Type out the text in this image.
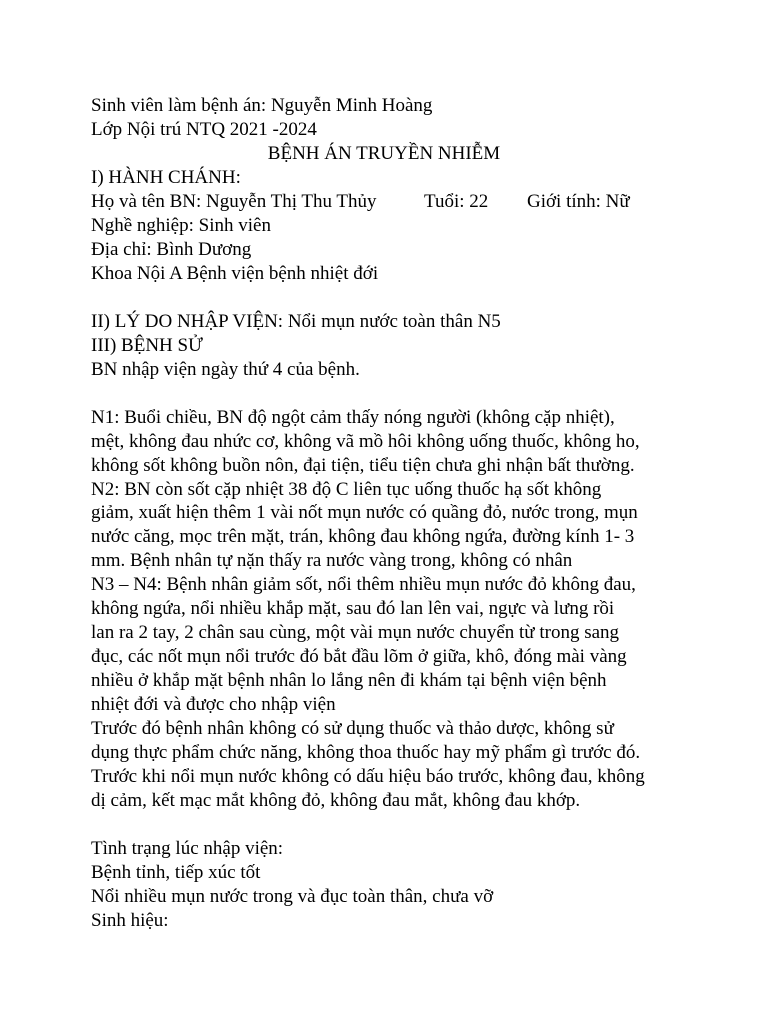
Sinh viên làm bệnh án: Nguyễn Minh Hoàng
Lớp Nội trú NTQ 2021 -2024
BỆNH ÁN TRUYỀN NHIỄM
I) HÀNH CHÁNH:
Họ và tên BN: Nguyễn Thị Thu Thủy Tuổi: 22 Giới tính: Nữ
Nghề nghiệp: Sinh viên
Địa chỉ: Bình Dương
Khoa Nội A Bệnh viện bệnh nhiệt đới
II) LÝ DO NHẬP VIỆN: Nổi mụn nước toàn thân N5
III) BỆNH SỬ
BN nhập viện ngày thứ 4 của bệnh.
N1: Buổi chiều, BN độ ngột cảm thấy nóng người (không cặp nhiệt),
mệt, không đau nhức cơ, không vã mồ hôi không uống thuốc, không ho,
không sốt không buồn nôn, đại tiện, tiểu tiện chưa ghi nhận bất thường.
N2: BN còn sốt cặp nhiệt 38 độ C liên tục uống thuốc hạ sốt không
giảm, xuất hiện thêm 1 vài nốt mụn nước có quầng đỏ, nước trong, mụn
nước căng, mọc trên mặt, trán, không đau không ngứa, đường kính 1- 3
mm. Bệnh nhân tự nặn thấy ra nước vàng trong, không có nhân
N3 – N4: Bệnh nhân giảm sốt, nổi thêm nhiều mụn nước đỏ không đau,
không ngứa, nổi nhiều khắp mặt, sau đó lan lên vai, ngực và lưng rồi
lan ra 2 tay, 2 chân sau cùng, một vài mụn nước chuyển từ trong sang
đục, các nốt mụn nổi trước đó bắt đầu lõm ở giữa, khô, đóng mài vàng
nhiều ở khắp mặt bệnh nhân lo lắng nên đi khám tại bệnh viện bệnh
nhiệt đới và được cho nhập viện
Trước đó bệnh nhân không có sử dụng thuốc và thảo dược, không sử
dụng thực phẩm chức năng, không thoa thuốc hay mỹ phẩm gì trước đó.
Trước khi nổi mụn nước không có dấu hiệu báo trước, không đau, không
dị cảm, kết mạc mắt không đỏ, không đau mắt, không đau khớp.
Tình trạng lúc nhập viện:
Bệnh tỉnh, tiếp xúc tốt
Nổi nhiều mụn nước trong và đục toàn thân, chưa vỡ
Sinh hiệu:
